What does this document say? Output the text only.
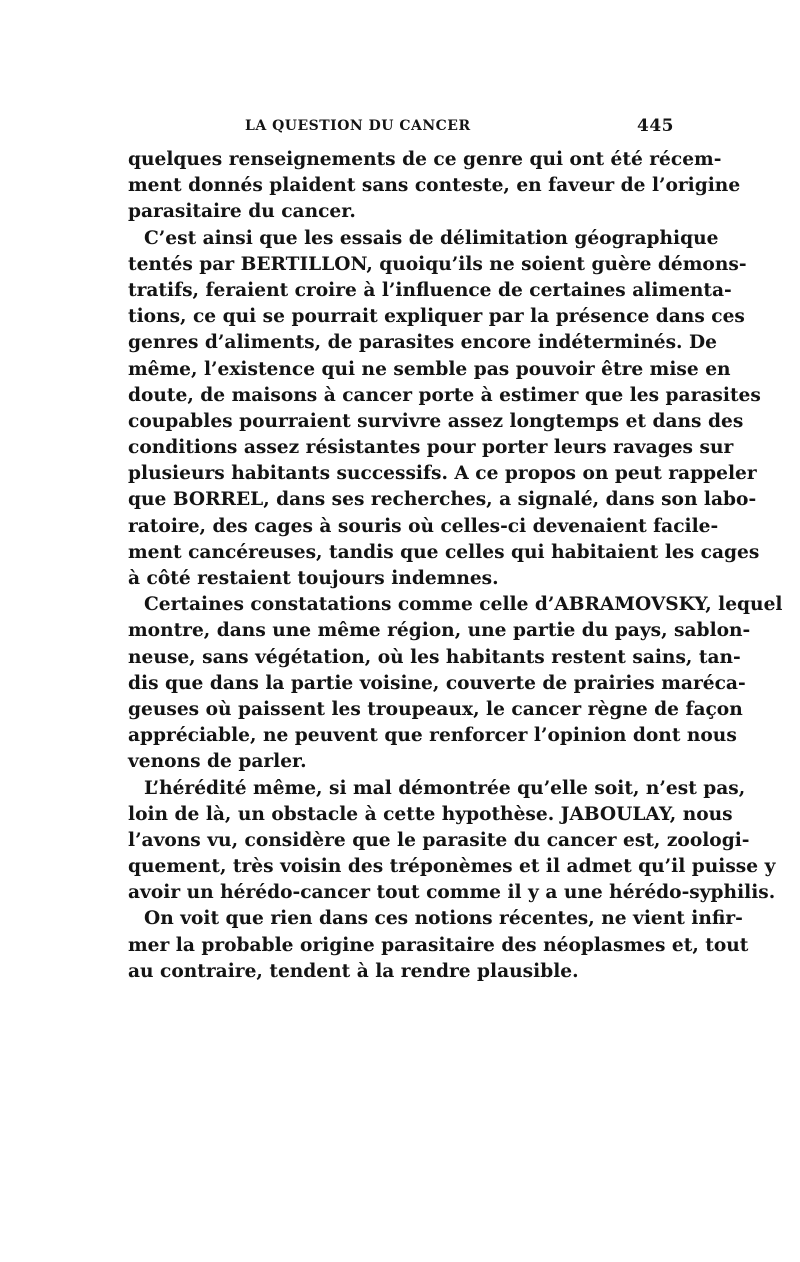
LA QUESTION DU CANCER	445
quelques renseignements de ce genre qui ont été récem-
ment donnés plaident sans conteste, en faveur de l’origine
parasitaire du cancer.
C’est ainsi que les essais de délimitation géographique
tentés par BERTILLON, quoiqu’ils ne soient guère démons-
tratifs, feraient croire à l’influence de certaines alimenta-
tions, ce qui se pourrait expliquer par la présence dans ces
genres d’aliments, de parasites encore indéterminés. De
même, l’existence qui ne semble pas pouvoir être mise en
doute, de maisons à cancer porte à estimer que les parasites
coupables pourraient survivre assez longtemps et dans des
conditions assez résistantes pour porter leurs ravages sur
plusieurs habitants successifs. A ce propos on peut rappeler
que BORREL, dans ses recherches, a signalé, dans son labo-
ratoire, des cages à souris où celles-ci devenaient facile-
ment cancéreuses, tandis que celles qui habitaient les cages
à côté restaient toujours indemnes.
Certaines constatations comme celle d’ABRAMOVSKY, lequel
montre, dans une même région, une partie du pays, sablon-
neuse, sans végétation, où les habitants restent sains, tan-
dis que dans la partie voisine, couverte de prairies maréca-
geuses où paissent les troupeaux, le cancer règne de façon
appréciable, ne peuvent que renforcer l’opinion dont nous
venons de parler.
L’hérédité même, si mal démontrée qu’elle soit, n’est pas,
loin de là, un obstacle à cette hypothèse. JABOULAY, nous
l’avons vu, considère que le parasite du cancer est, zoologi-
quement, très voisin des tréponèmes et il admet qu’il puisse y
avoir un hérédo-cancer tout comme il y a une hérédo-syphilis.
On voit que rien dans ces notions récentes, ne vient infir-
mer la probable origine parasitaire des néoplasmes et, tout
au contraire, tendent à la rendre plausible.
